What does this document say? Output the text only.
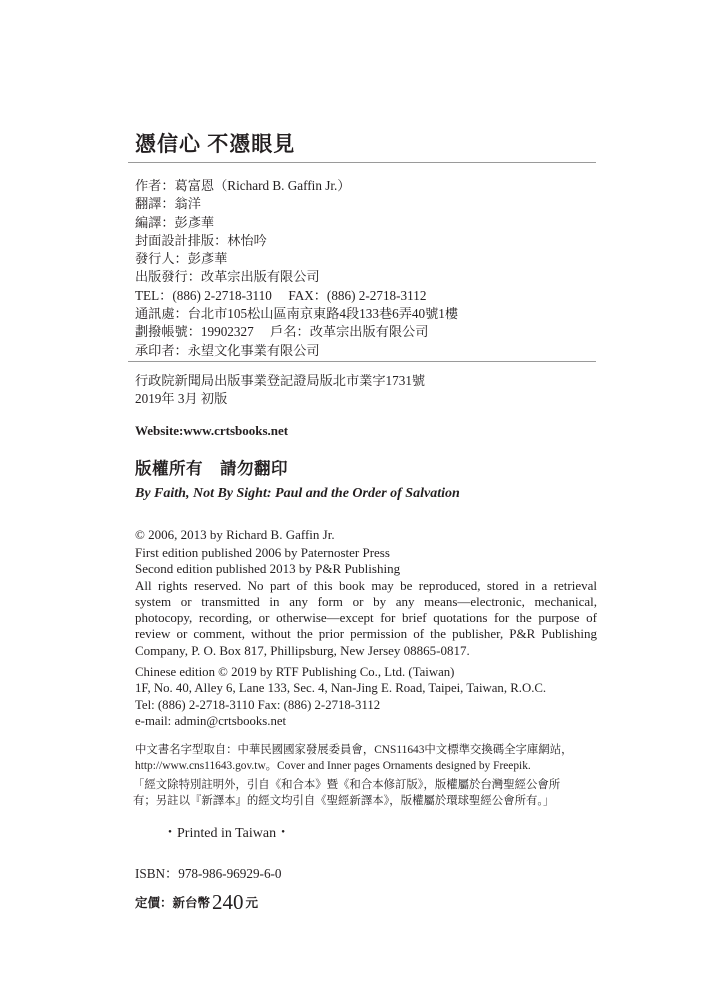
憑信心 不憑眼見
作者：葛富恩（Richard B. Gaffin Jr.）
翻譯：翁洋
編譯：彭彥華
封面設計排版：林怡吟
發行人：彭彥華
出版發行：改革宗出版有限公司
TEL：(886) 2-2718-3110　 FAX：(886) 2-2718-3112
通訊處：台北市105松山區南京東路4段133巷6弄40號1樓
劃撥帳號：19902327　 戶名：改革宗出版有限公司
承印者：永望文化事業有限公司
行政院新聞局出版事業登記證局版北市業字1731號
2019年 3月 初版
Website:www.crtsbooks.net
版權所有　請勿翻印
By Faith, Not By Sight: Paul and the Order of Salvation
© 2006, 2013 by Richard B. Gaffin Jr.
First edition published 2006 by Paternoster Press
Second edition published 2013 by P&R Publishing
All rights reserved. No part of this book may be reproduced, stored in a retrieval
system or transmitted in any form or by any means—electronic, mechanical,
photocopy, recording, or otherwise—except for brief quotations for the purpose of
review or comment, without the prior permission of the publisher, P&R Publishing
Company, P. O. Box 817, Phillipsburg, New Jersey 08865-0817.
Chinese edition © 2019 by RTF Publishing Co., Ltd. (Taiwan)
1F, No. 40, Alley 6, Lane 133, Sec. 4, Nan-Jing E. Road, Taipei, Taiwan, R.O.C.
Tel: (886) 2-2718-3110 Fax: (886) 2-2718-3112
e-mail: admin@crtsbooks.net
中文書名字型取自：中華民國國家發展委員會，CNS11643中文標準交換碼全字庫網站，
http://www.cns11643.gov.tw。Cover and Inner pages Ornaments designed by Freepik.
「經文除特別註明外，引自《和合本》暨《和合本修訂版》，版權屬於台灣聖經公會所
有；另註以『新譯本』的經文均引自《聖經新譯本》，版權屬於環球聖經公會所有。」
・Printed in Taiwan・
ISBN：978-986-96929-6-0
定價：新台幣240 元
